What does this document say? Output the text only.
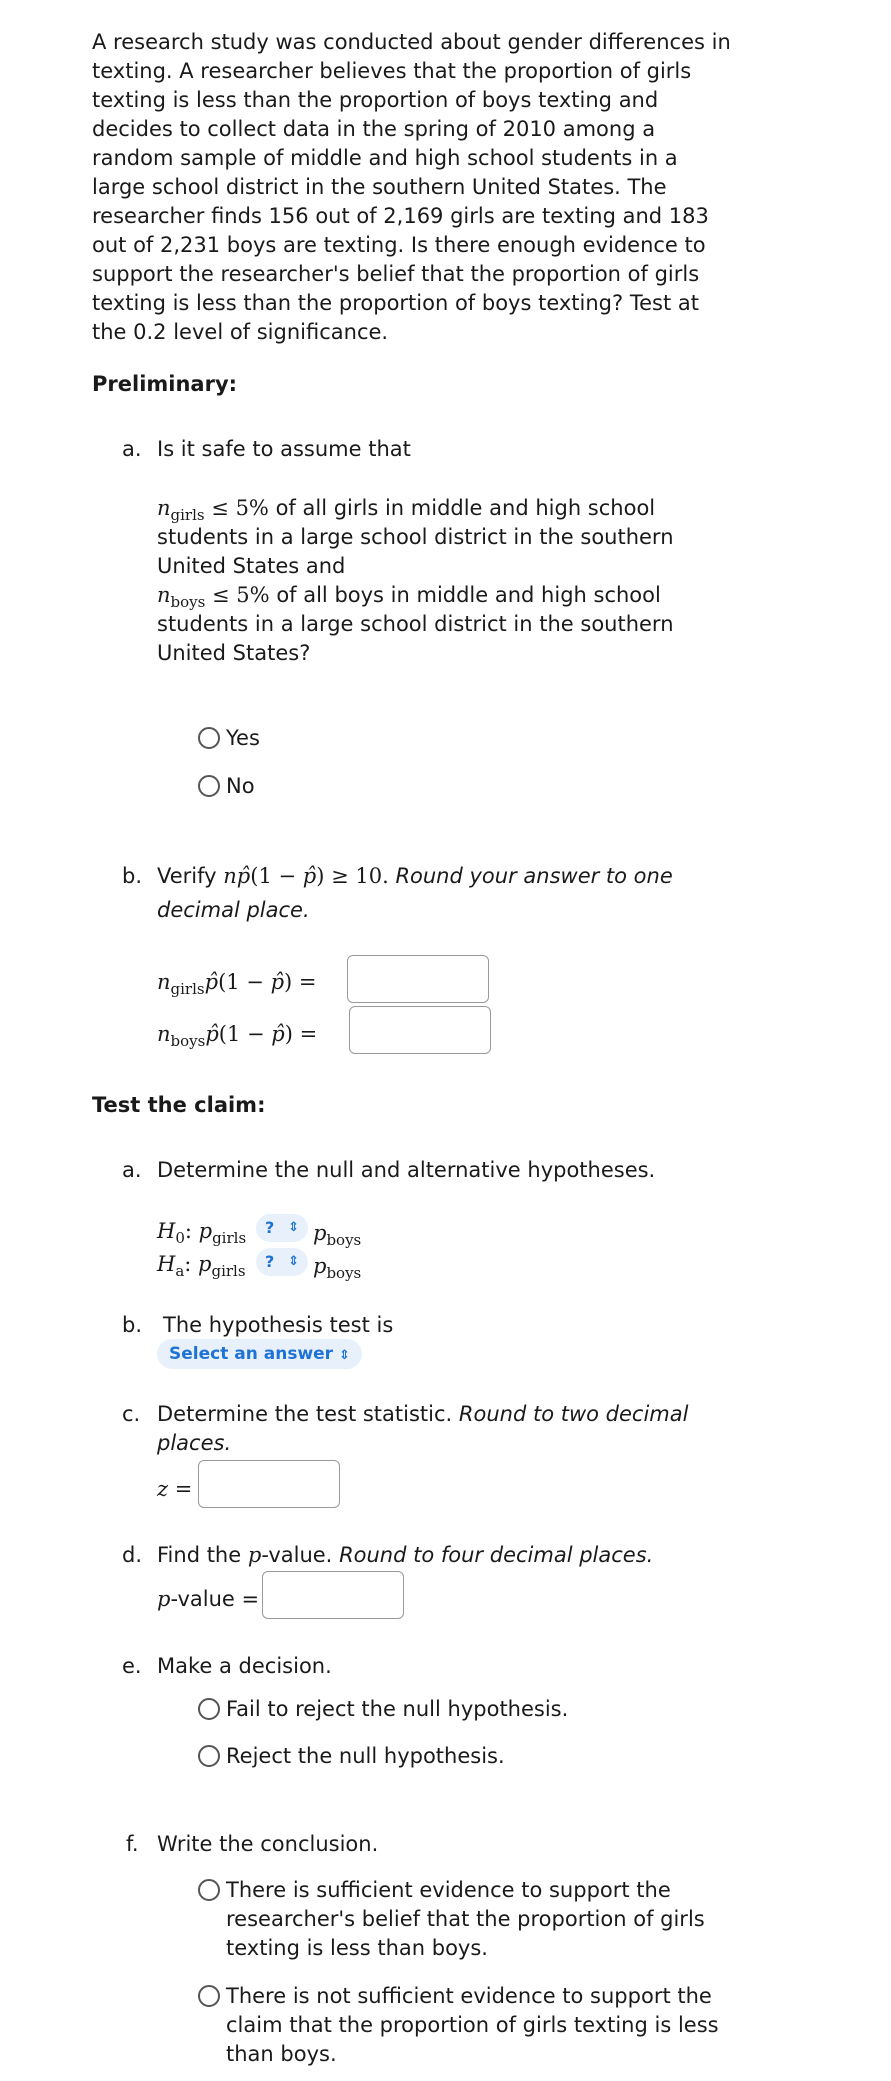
A research study was conducted about gender differences in texting. A researcher believes that the proportion of girls texting is less than the proportion of boys texting and decides to collect data in the spring of 2010 among a random sample of middle and high school students in a large school district in the southern United States. The researcher finds 156 out of 2,169 girls are texting and 183 out of 2,231 boys are texting. Is there enough evidence to support the researcher's belief that the proportion of girls texting is less than the proportion of boys texting? Test at the 0.2 level of significance.

Preliminary:
a. Is it safe to assume that
$n_{girls} \le 5\%$ of all girls in middle and high school
students in a large school district in the southern
United States and
$n_{boys} \le 5\%$ of all boys in middle and high school
students in a large school district in the southern
United States?
Yes
No
b. Verify np̂(1 − p̂) ≥ 10. Round your answer to one
decimal place.
$n_{girls}p̂(1$ − p̂) =
$n_{boys}p̂(1$ − p̂) =
Test the claim:
a. Determine the null and alternative hypotheses.
$H_0$: $p_{girls}$
? ⇕ $p_{boys}$
$H_a$: $p_{girls}$	? ⇕ $p_{boys}$
b. The hypothesis test is
Select an answer ⇕
c. Determine the test statistic. Round to two decimal
places.
z =
d. Find the p-value. Round to four decimal places.
p-value =
e. Make a decision.
Fail to reject the null hypothesis.
Reject the null hypothesis.
f. Write the conclusion.
There is sufficient evidence to support the researcher's belief that the proportion of girls texting is less than boys.
There is not sufficient evidence to support the claim that the proportion of girls texting is less than boys.
